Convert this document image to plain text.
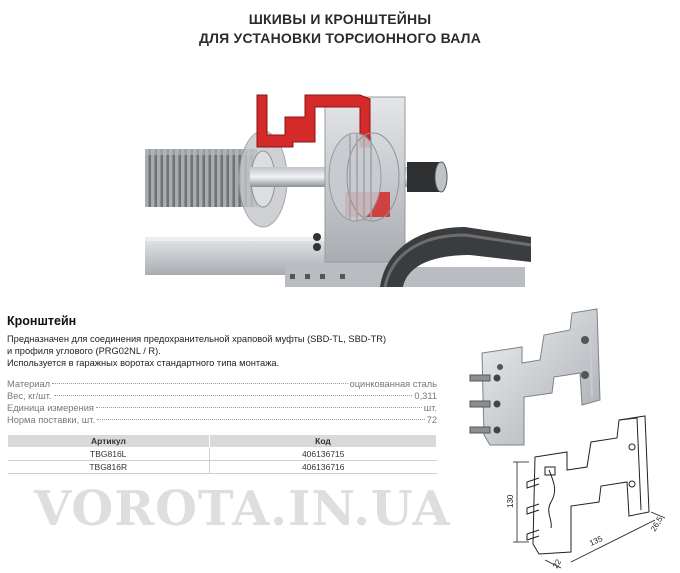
ШКИВЫ И КРОНШТЕЙНЫ
ДЛЯ УСТАНОВКИ ТОРСИОННОГО ВАЛА
Кронштейн
Предназначен для соединения предохранительной храповой муфты (SBD-TL, SBD-TR)
и профиля углового (PRG02NL / R).
Используется в гаражных воротах стандартного типа монтажа.
Материал	оцинкованная сталь
Вес, кг/шт.	0,311
Единица измерения	шт.
Норма поставки, шт.	72
Артикул	Код
TBG816L	406136715
TBG816R	406136716
VOROTA.IN.UA	130
135
26,5
22
